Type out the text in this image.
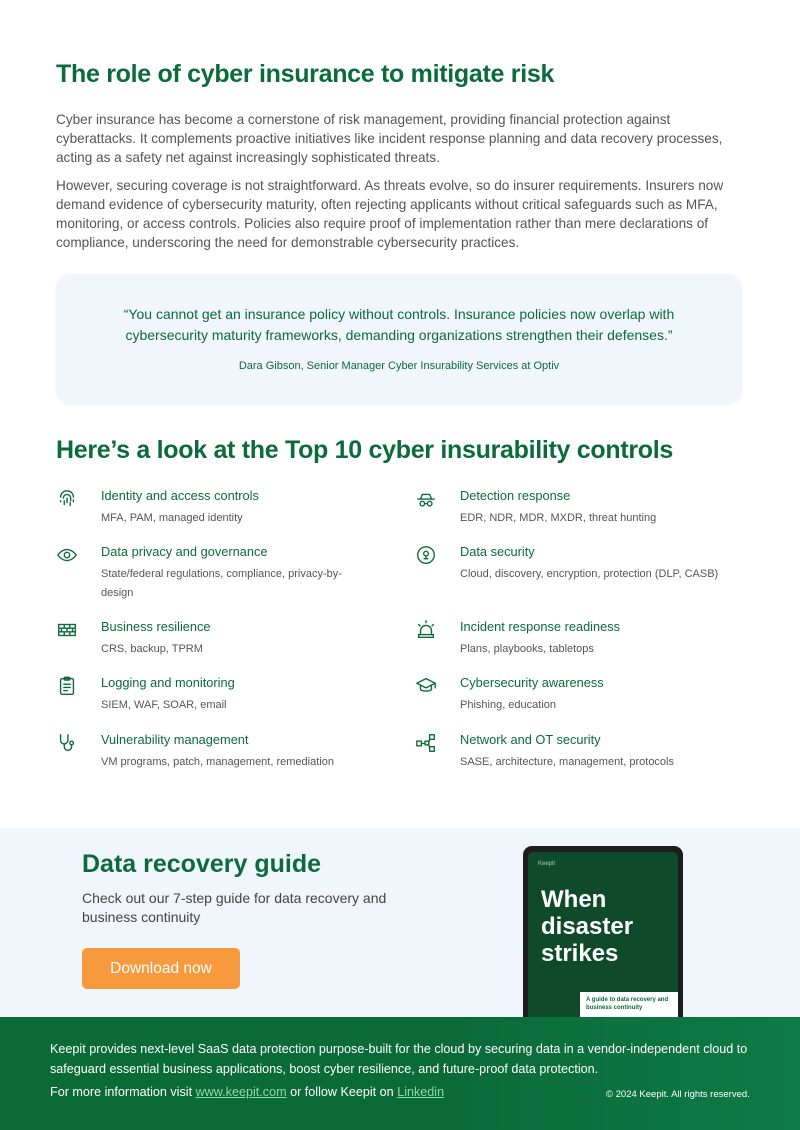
The role of cyber insurance to mitigate risk
Cyber insurance has become a cornerstone of risk management, providing financial protection against cyberattacks. It complements proactive initiatives like incident response planning and data recovery processes, acting as a safety net against increasingly sophisticated threats.
However, securing coverage is not straightforward. As threats evolve, so do insurer requirements. Insurers now demand evidence of cybersecurity maturity, often rejecting applicants without critical safeguards such as MFA, monitoring, or access controls. Policies also require proof of implementation rather than mere declarations of compliance, underscoring the need for demonstrable cybersecurity practices.
“You cannot get an insurance policy without controls. Insurance policies now overlap with cybersecurity maturity frameworks, demanding organizations strengthen their defenses.”
Dara Gibson, Senior Manager Cyber Insurability Services at Optiv
Here’s a look at the Top 10 cyber insurability controls
Identity and access controls
MFA, PAM, managed identity
Detection response
EDR, NDR, MDR, MXDR, threat hunting
Data privacy and governance
State/federal regulations, compliance, privacy-by-design
Data security
Cloud, discovery, encryption, protection (DLP, CASB)
Business resilience
CRS, backup, TPRM
Incident response readiness
Plans, playbooks, tabletops
Logging and monitoring
SIEM, WAF, SOAR, email
Cybersecurity awareness
Phishing, education
Vulnerability management
VM programs, patch, management, remediation
Network and OT security
SASE, architecture, management, protocols
Data recovery guide
Check out our 7-step guide for data recovery and business continuity
Download now
Keepit
When
disaster
strikes
A guide to data recovery and business continuity
Keepit provides next-level SaaS data protection purpose-built for the cloud by securing data in a vendor-independent cloud to safeguard essential business applications, boost cyber resilience, and future-proof data protection.
For more information visit www.keepit.com or follow Keepit on Linkedin	© 2024 Keepit. All rights reserved.
